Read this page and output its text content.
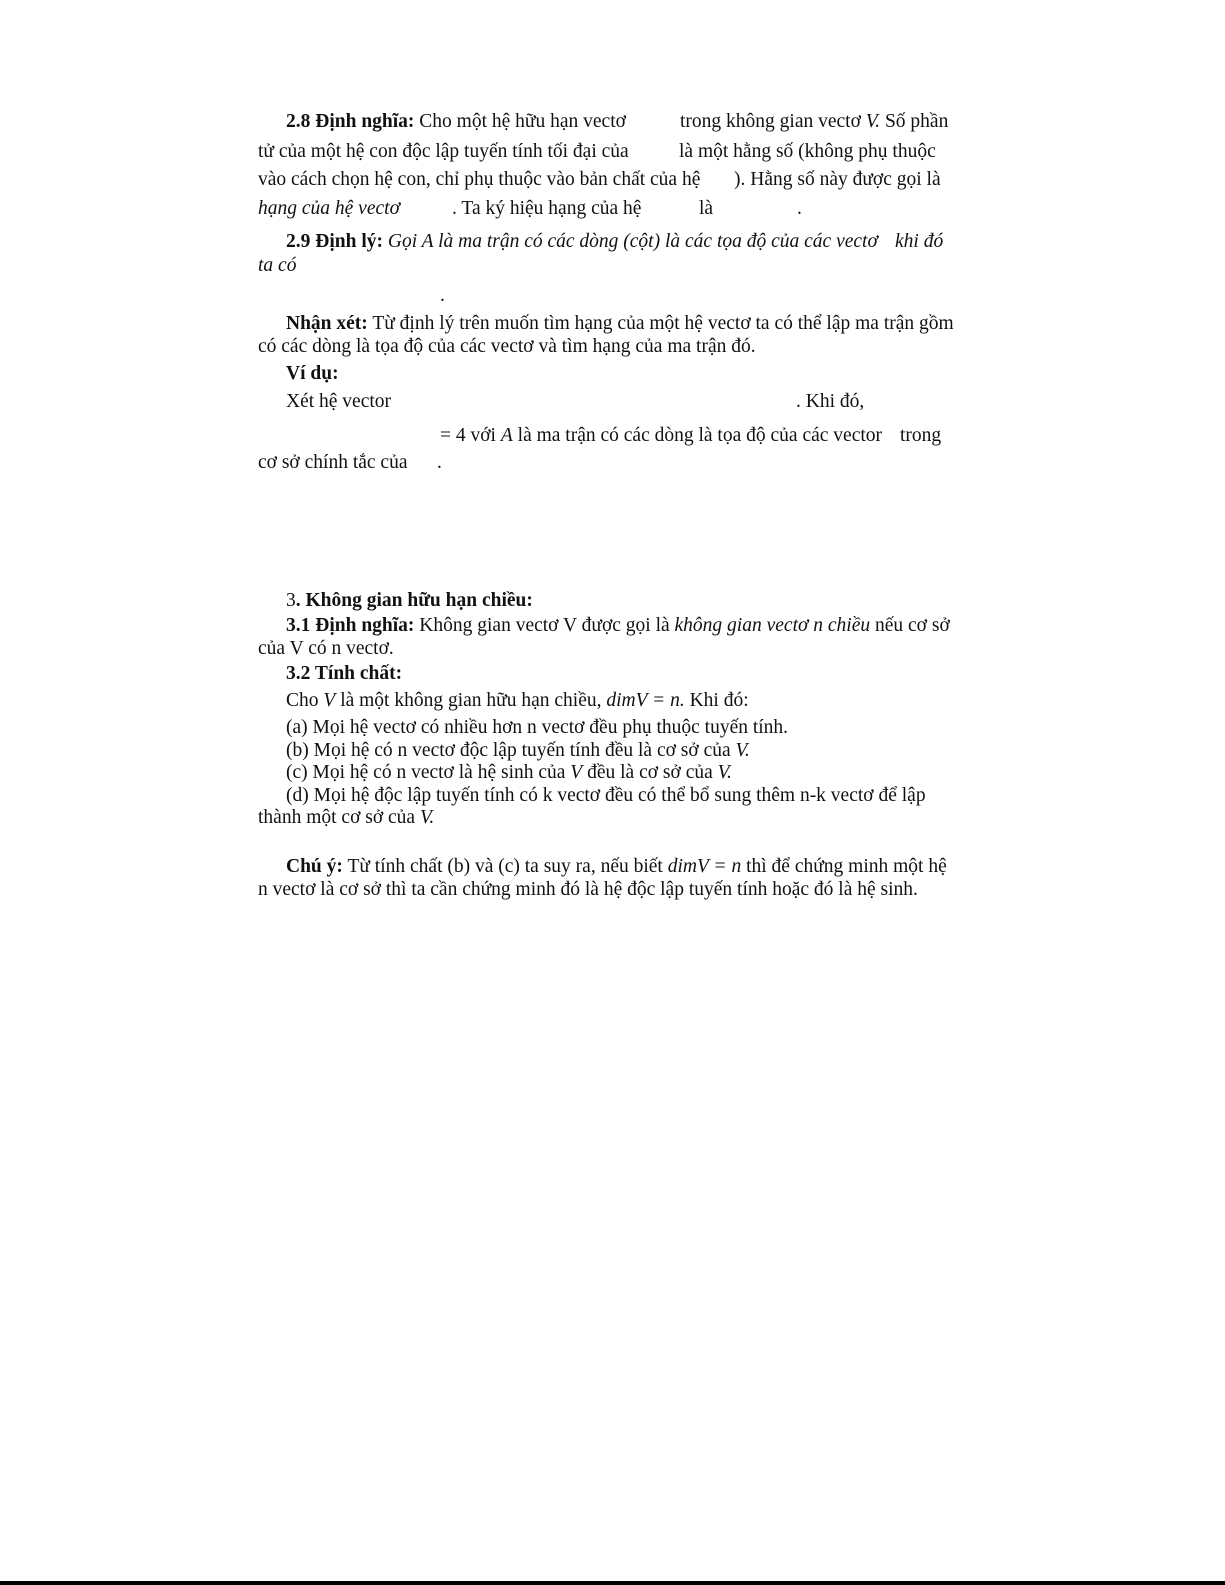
2.8 Định nghĩa: Cho một hệ hữu hạn vectơ	trong không gian vectơ V. Số phần
tử của một hệ con độc lập tuyến tính tối đại của	là một hằng số (không phụ thuộc
vào cách chọn hệ con, chỉ phụ thuộc vào bản chất của hệ ). Hằng số này được gọi là
hạng của hệ vectơ	. Ta ký hiệu hạng của hệ	là	.
2.9 Định lý: Gọi A là ma trận có các dòng (cột) là các tọa độ của các vectơ khi đó
ta có
.
Nhận xét: Từ định lý trên muốn tìm hạng của một hệ vectơ ta có thể lập ma trận gồm
có các dòng là tọa độ của các vectơ và tìm hạng của ma trận đó.
Ví dụ:
Xét hệ vector	. Khi đó,
= 4 với A là ma trận có các dòng là tọa độ của các vector trong
cơ sở chính tắc của .
3. Không gian hữu hạn chiều:
3.1 Định nghĩa: Không gian vectơ V được gọi là không gian vectơ n chiều nếu cơ sở
của V có n vectơ.
3.2 Tính chất:
Cho V là một không gian hữu hạn chiều, dimV = n. Khi đó:
(a) Mọi hệ vectơ có nhiều hơn n vectơ đều phụ thuộc tuyến tính.
(b) Mọi hệ có n vectơ độc lập tuyến tính đều là cơ sở của V.
(c) Mọi hệ có n vectơ là hệ sinh của V đều là cơ sở của V.
(d) Mọi hệ độc lập tuyến tính có k vectơ đều có thể bổ sung thêm n-k vectơ để lập
thành một cơ sở của V.
Chú ý: Từ tính chất (b) và (c) ta suy ra, nếu biết dimV = n thì để chứng minh một hệ
n vectơ là cơ sở thì ta cần chứng minh đó là hệ độc lập tuyến tính hoặc đó là hệ sinh.
